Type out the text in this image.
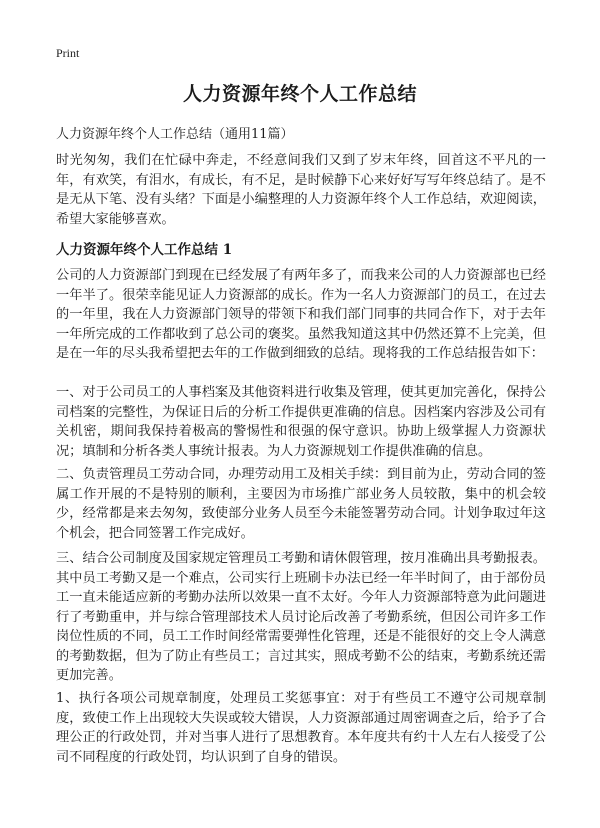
Print
人力资源年终个人工作总结
人力资源年终个人工作总结（通用11篇）

时光匆匆，我们在忙碌中奔走，不经意间我们又到了岁末年终，回首这不平凡的一年，有欢笑，有泪水，有成长，有不足，是时候静下心来好好写写年终总结了。是不是无从下笔、没有头绪？下面是小编整理的人力资源年终个人工作总结，欢迎阅读，希望大家能够喜欢。

人力资源年终个人工作总结 1

公司的人力资源部门到现在已经发展了有两年多了，而我来公司的人力资源部也已经一年半了。很荣幸能见证人力资源部的成长。作为一名人力资源部门的员工，在过去的一年里，我在人力资源部门领导的带领下和我们部门同事的共同合作下，对于去年一年所完成的工作都收到了总公司的褒奖。虽然我知道这其中仍然还算不上完美，但是在一年的尽头我希望把去年的工作做到细致的总结。现将我的工作总结报告如下：

一、对于公司员工的人事档案及其他资料进行收集及管理，使其更加完善化，保持公司档案的完整性，为保证日后的分析工作提供更准确的信息。因档案内容涉及公司有关机密，期间我保持着极高的警惕性和很强的保守意识。协助上级掌握人力资源状况；填制和分析各类人事统计报表。为人力资源规划工作提供准确的信息。

二、负责管理员工劳动合同，办理劳动用工及相关手续：到目前为止，劳动合同的签属工作开展的不是特别的顺利，主要因为市场推广部业务人员较散，集中的机会较少，经常都是来去匆匆，致使部分业务人员至今未能签署劳动合同。计划争取过年这个机会，把合同签署工作完成好。

三、结合公司制度及国家规定管理员工考勤和请休假管理，按月准确出具考勤报表。其中员工考勤又是一个难点，公司实行上班刷卡办法已经一年半时间了，由于部份员工一直未能适应新的考勤办法所以效果一直不太好。今年人力资源部特意为此问题进行了考勤重申，并与综合管理部技术人员讨论后改善了考勤系统，但因公司许多工作岗位性质的不同，员工工作时间经常需要弹性化管理，还是不能很好的交上令人满意的考勤数据，但为了防止有些员工；言过其实，照成考勤不公的结束，考勤系统还需更加完善。

1、执行各项公司规章制度，处理员工奖惩事宜：对于有些员工不遵守公司规章制度，致使工作上出现较大失误或较大错误，人力资源部通过周密调查之后，给予了合理公正的行政处罚，并对当事人进行了思想教育。本年度共有约十人左右人接受了公司不同程度的行政处罚，均认识到了自身的错误。
